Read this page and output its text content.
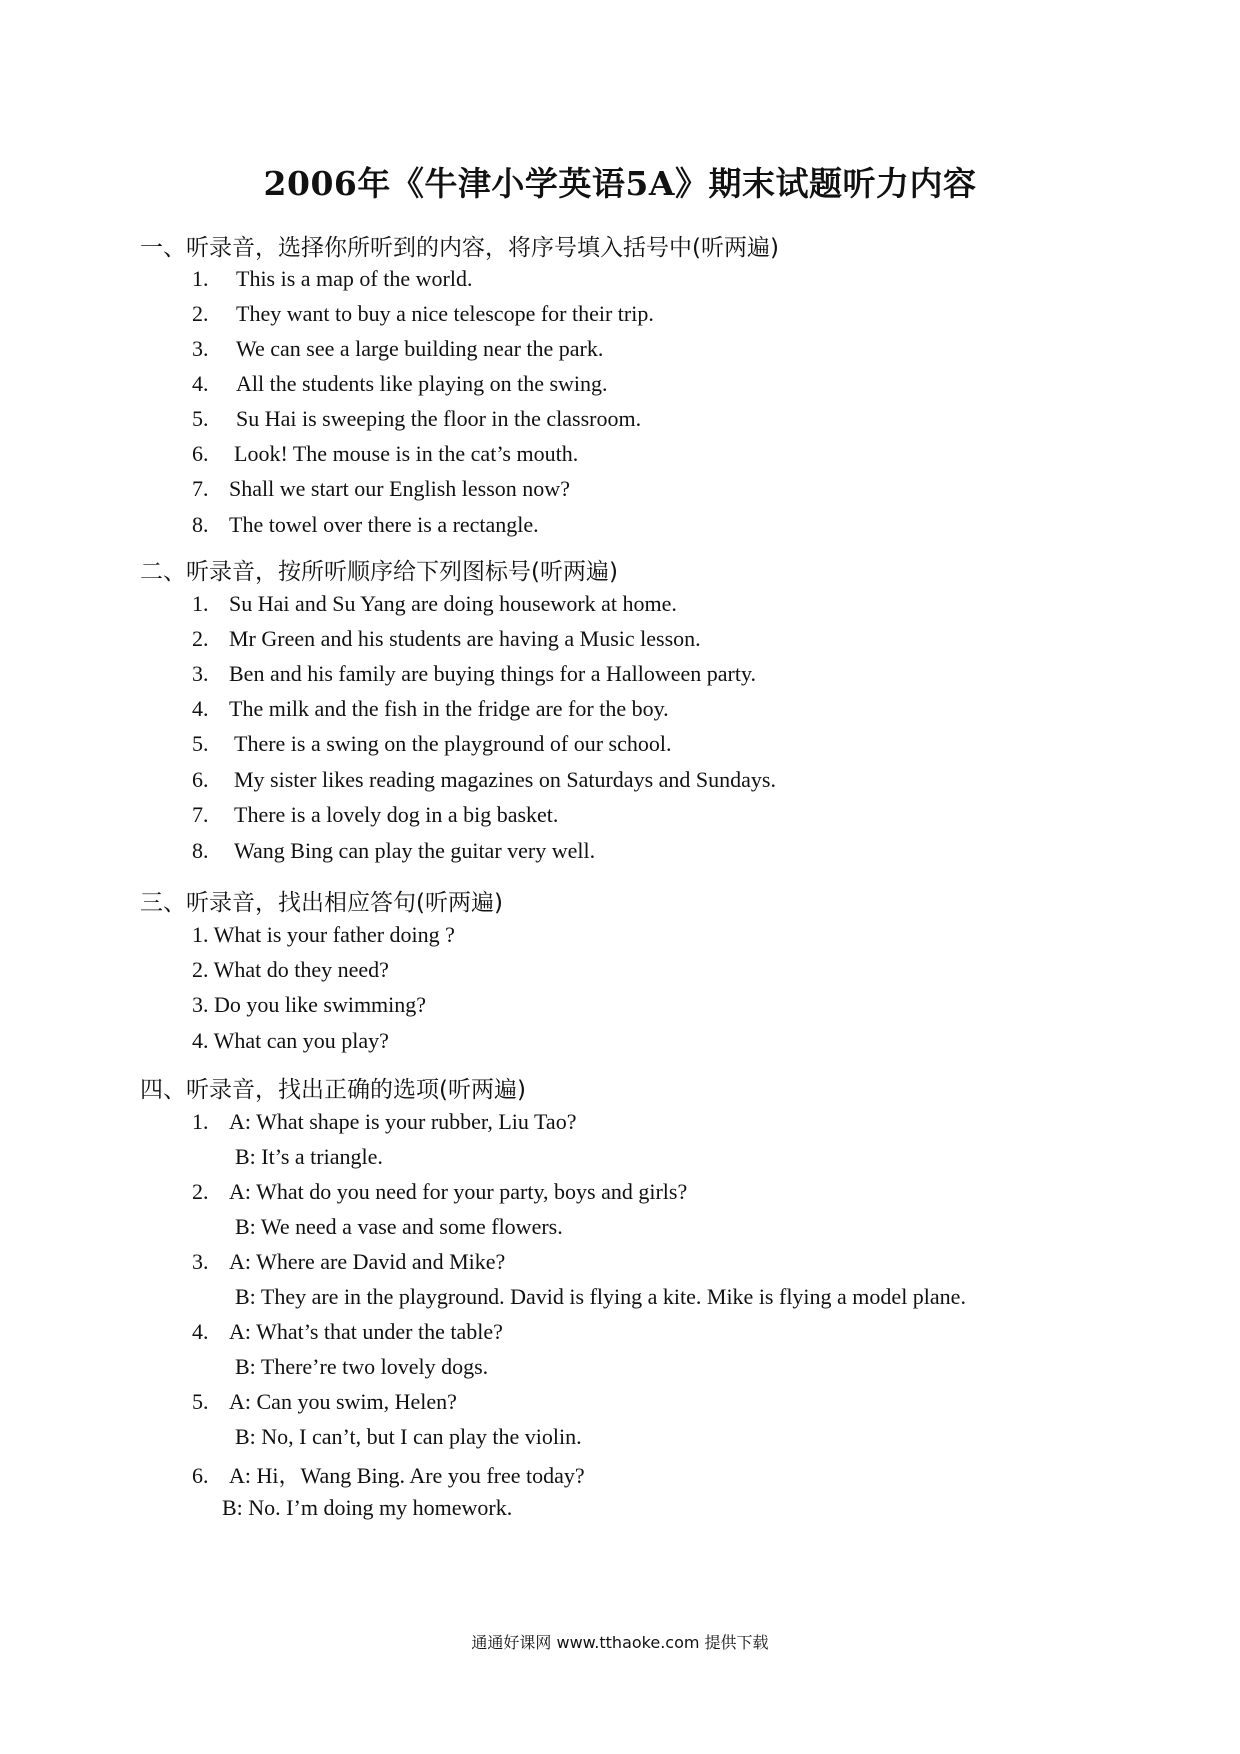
2006年《牛津小学英语5A》期末试题听力内容
一、听录音，选择你所听到的内容，将序号填入括号中(听两遍)
1. This is a map of the world.
2. They want to buy a nice telescope for their trip.
3. We can see a large building near the park.
4. All the students like playing on the swing.
5. Su Hai is sweeping the floor in the classroom.
6. Look! The mouse is in the cat’s mouth.
7. Shall we start our English lesson now?
8. The towel over there is a rectangle.
二、听录音，按所听顺序给下列图标号(听两遍)
1. Su Hai and Su Yang are doing housework at home.
2. Mr Green and his students are having a Music lesson.
3. Ben and his family are buying things for a Halloween party.
4. The milk and the fish in the fridge are for the boy.
5. There is a swing on the playground of our school.
6. My sister likes reading magazines on Saturdays and Sundays.
7. There is a lovely dog in a big basket.
8. Wang Bing can play the guitar very well.
三、听录音，找出相应答句(听两遍)
1. What is your father doing ?
2. What do they need?
3. Do you like swimming?
4. What can you play?
四、听录音，找出正确的选项(听两遍)
1. A: What shape is your rubber, Liu Tao?
B: It’s a triangle.
2. A: What do you need for your party, boys and girls?
B: We need a vase and some flowers.
3. A: Where are David and Mike?
B: They are in the playground. David is flying a kite. Mike is flying a model plane.
4. A: What’s that under the table?
B: There’re two lovely dogs.
5. A: Can you swim, Helen?
B: No, I can’t, but I can play the violin.
6. A: Hi，Wang Bing. Are you free today?
B: No. I’m doing my homework.
通通好课网 www.tthaoke.com 提供下载
